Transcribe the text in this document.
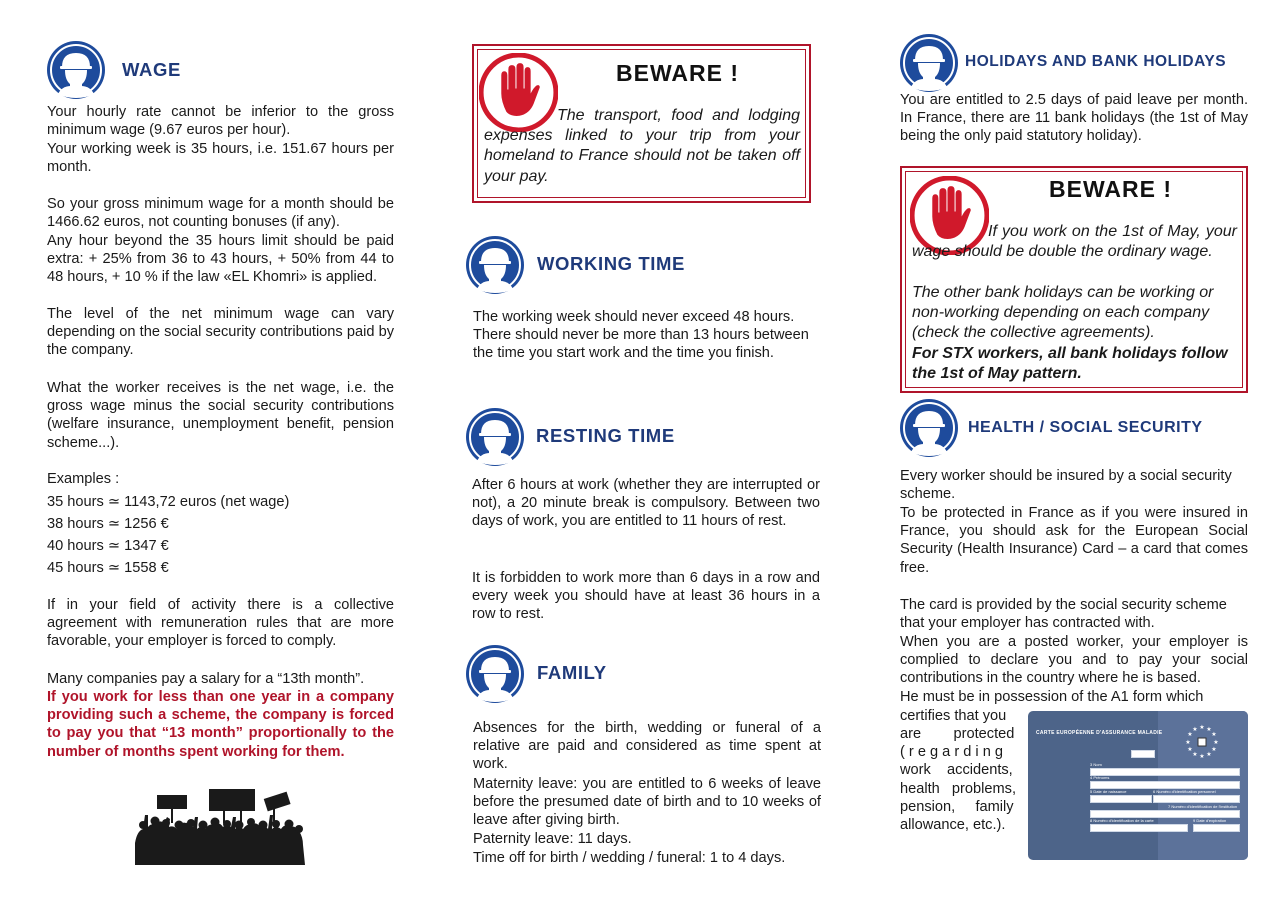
WAGE
Your hourly rate cannot be inferior to the gross minimum wage (9.67 euros per hour).
Your working week is 35 hours, i.e. 151.67 hours per month.
So your gross minimum wage for a month should be 1466.62 euros, not counting bonuses (if any).
Any hour beyond the 35 hours limit should be paid extra: + 25% from 36 to 43 hours, + 50% from 44 to 48 hours, + 10 % if the law «EL Khomri» is applied.
The level of the net minimum wage can vary depending on the social security contributions paid by the company.
What the worker receives is the net wage, i.e. the gross wage minus the social security contributions (welfare insurance, unemployment benefit, pension scheme...).
Examples :
35 hours ≃ 1143,72 euros (net wage)
38 hours ≃ 1256 €
40 hours ≃ 1347 €
45 hours ≃ 1558 €
If in your field of activity there is a collective agreement with remuneration rules that are more favorable, your employer is forced to comply.
Many companies pay a salary for a “13th month”.
If you work for less than one year in a company providing such a scheme, the company is forced to pay you that “13 month” proportionally to the number of months spent working for them.
BEWARE !
The transport, food and lodging expenses linked to your trip from your homeland to France should not be taken off your pay.
WORKING TIME
The working week should never exceed 48 hours. There should never be more than 13 hours between the time you start work and the time you finish.
RESTING TIME
After 6 hours at work (whether they are interrupted or not), a 20 minute break is compulsory. Between two days of work, you are entitled to 11 hours of rest.
It is forbidden to work more than 6 days in a row and every week you should have at least 36 hours in a row to rest.
FAMILY
Absences for the birth, wedding or funeral of a relative are paid and considered as time spent at work.
Maternity leave: you are entitled to 6 weeks of leave before the presumed date of birth and to 10 weeks of leave after giving birth.
Paternity leave: 11 days.
Time off for birth / wedding / funeral: 1 to 4 days.
HOLIDAYS AND BANK HOLIDAYS
You are entitled to 2.5 days of paid leave per month. In France, there are 11 bank holidays (the 1st of May being the only paid statutory holiday).
BEWARE !
If you work on the 1st of May, your wage should be double the ordinary wage.
The other bank holidays can be working or non-working depending on each company (check the collective agreements).
For STX workers, all bank holidays follow the 1st of May pattern.
HEALTH / SOCIAL SECURITY
Every worker should be insured by a social security scheme.
To be protected in France as if you were insured in France, you should ask for the European Social Security (Health Insurance) Card – a card that comes free.
The card is provided by the social security scheme that your employer has contracted with.
When you are a posted worker, your employer is complied to declare you and to pay your social contributions in the country where he is based.
He must be in possession of the A1 form which
certifies that you
are        protected
( r e g a r d i n g
work    accidents,
health   problems,
pension,     family
allowance, etc.).
CARTE EUROPÉENNE D'ASSURANCE MALADIE
★ ★
★
★
★
★
★
★
★
★
★
★
3 Nom
4 Prénoms
5 Date de naissance	6 Numéro d'identification personnel
7 Numéro d'identification de l'institution
8 Numéro d'identification de la carte	9 Date d'expiration
